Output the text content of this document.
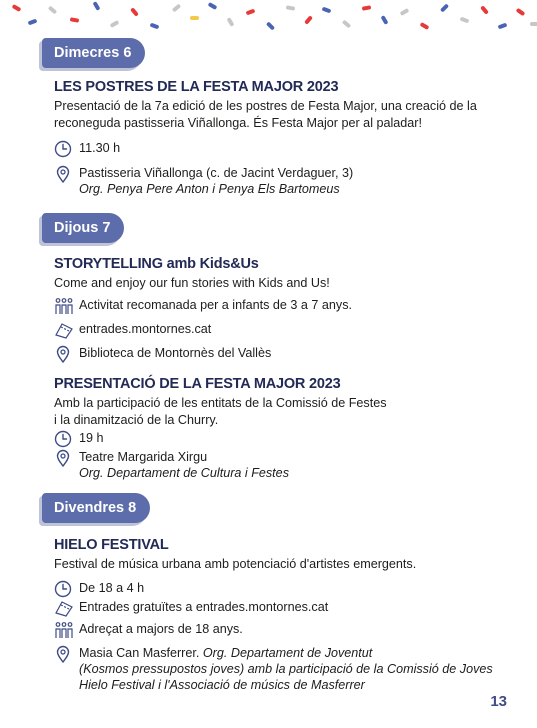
Dimecres 6
LES POSTRES DE LA FESTA MAJOR 2023
Presentació de la 7a edició de les postres de Festa Major, una creació de la reconeguda pastisseria Viñallonga. És Festa Major per al paladar!
11.30 h
Pastisseria Viñallonga (c. de Jacint Verdaguer, 3)
Org. Penya Pere Anton i Penya Els Bartomeus
Dijous 7
STORYTELLING amb Kids&Us
Come and enjoy our fun stories with Kids and Us!
Activitat recomanada per a infants de 3 a 7 anys.
entrades.montornes.cat
Biblioteca de Montornès del Vallès
PRESENTACIÓ DE LA FESTA MAJOR 2023
Amb la participació de les entitats de la Comissió de Festes
i la dinamització de la Churry.
19 h
Teatre Margarida Xirgu
Org. Departament de Cultura i Festes
Divendres 8
HIELO FESTIVAL
Festival de música urbana amb potenciació d'artistes emergents.
De 18 a 4 h
Entrades gratuïtes a entrades.montornes.cat
Adreçat a majors de 18 anys.
Masia Can Masferrer. Org. Departament de Joventut
(Kosmos pressupostos joves) amb la participació de la Comissió de Joves
Hielo Festival i l'Associació de músics de Masferrer
13
